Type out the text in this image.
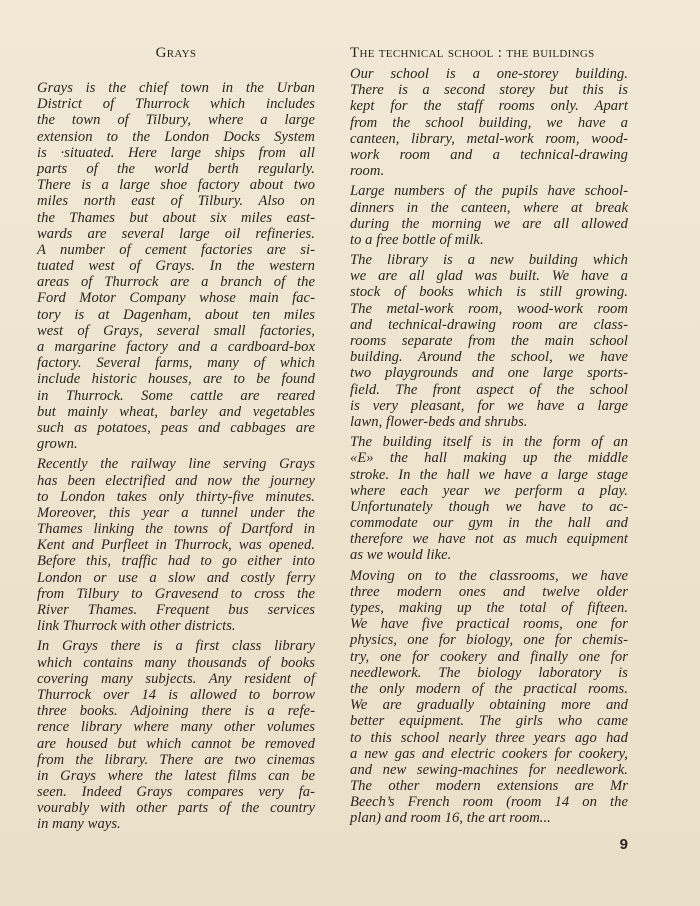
Grays
Grays is the chief town in the Urban
District of Thurrock which includes
the town of Tilbury, where a large
extension to the London Docks System
is ·situated. Here large ships from all
parts of the world berth regularly.
There is a large shoe factory about two
miles north east of Tilbury. Also on
the Thames but about six miles east-
wards are several large oil refineries.
A number of cement factories are si-
tuated west of Grays. In the western
areas of Thurrock are a branch of the
Ford Motor Company whose main fac-
tory is at Dagenham, about ten miles
west of Grays, several small factories,
a margarine factory and a cardboard-box
factory. Several farms, many of which
include historic houses, are to be found
in Thurrock. Some cattle are reared
but mainly wheat, barley and vegetables
such as potatoes, peas and cabbages are
grown.
Recently the railway line serving Grays
has been electrified and now the journey
to London takes only thirty-five minutes.
Moreover, this year a tunnel under the
Thames linking the towns of Dartford in
Kent and Purfleet in Thurrock, was opened.
Before this, traffic had to go either into
London or use a slow and costly ferry
from Tilbury to Gravesend to cross the
River Thames. Frequent bus services
link Thurrock with other districts.
In Grays there is a first class library
which contains many thousands of books
covering many subjects. Any resident of
Thurrock over 14 is allowed to borrow
three books. Adjoining there is a refe-
rence library where many other volumes
are housed but which cannot be removed
from the library. There are two cinemas
in Grays where the latest films can be
seen. Indeed Grays compares very fa-
vourably with other parts of the country
in many ways.
The technical school : the buildings
Our school is a one-storey building.
There is a second storey but this is
kept for the staff rooms only. Apart
from the school building, we have a
canteen, library, metal-work room, wood-
work room and a technical-drawing
room.
Large numbers of the pupils have school-
dinners in the canteen, where at break
during the morning we are all allowed
to a free bottle of milk.
The library is a new building which
we are all glad was built. We have a
stock of books which is still growing.
The metal-work room, wood-work room
and technical-drawing room are class-
rooms separate from the main school
building. Around the school, we have
two playgrounds and one large sports-
field. The front aspect of the school
is very pleasant, for we have a large
lawn, flower-beds and shrubs.
The building itself is in the form of an
«E» the hall making up the middle
stroke. In the hall we have a large stage
where each year we perform a play.
Unfortunately though we have to ac-
commodate our gym in the hall and
therefore we have not as much equipment
as we would like.
Moving on to the classrooms, we have
three modern ones and twelve older
types, making up the total of fifteen.
We have five practical rooms, one for
physics, one for biology, one for chemis-
try, one for cookery and finally one for
needlework. The biology laboratory is
the only modern of the practical rooms.
We are gradually obtaining more and
better equipment. The girls who came
to this school nearly three years ago had
a new gas and electric cookers for cookery,
and new sewing-machines for needlework.
The other modern extensions are Mr
Beech’s French room (room 14 on the
plan) and room 16, the art room...
9
